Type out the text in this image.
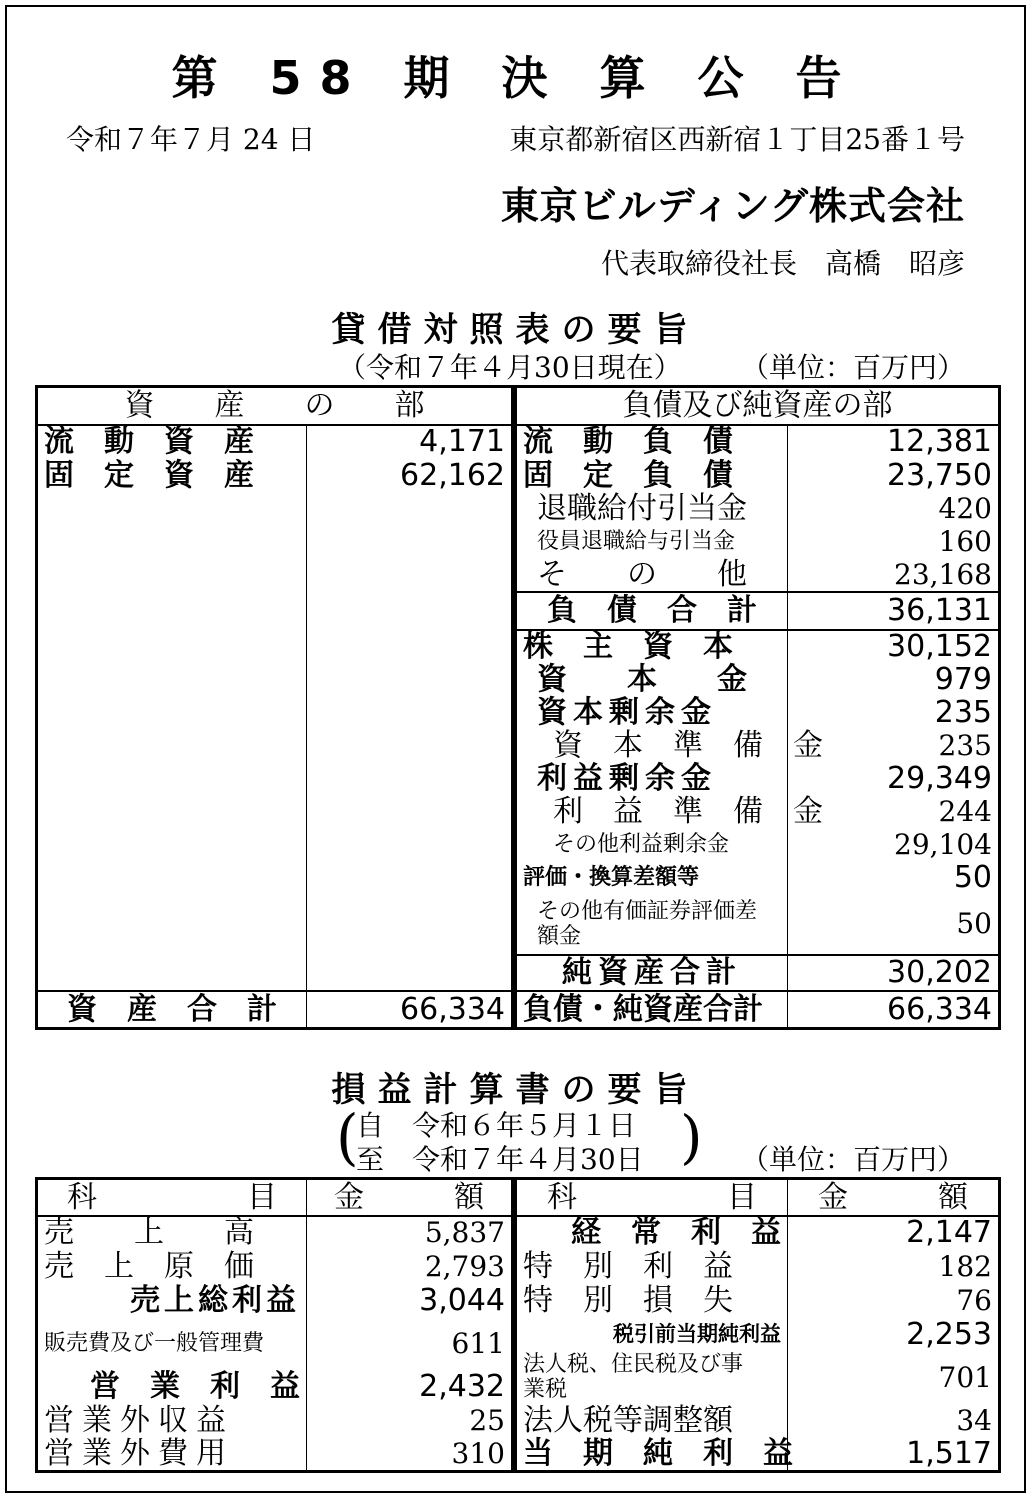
第 58 期 決 算 公 告
令和７年７月 24 日	東京都新宿区西新宿１丁目25番１号
東京ビルディング株式会社
代表取締役社長　高橋　昭彦
貸借対照表の要旨
（令和７年４月30日現在） （単位：百万円）
資　　産　　の　　部	
流　動　資　産	4,171
固　定　資　産	62,162

資　産　合　計	66,334
負債及び純資産の部	
流　動　負　債	12,381
固　定　負　債	23,750
退職給付引当金	420
役員退職給与引当金	160
そ　　の　　他	23,168
負　債　合　計	36,131
株　主　資　本	30,152
資　　本　　金	979
資本剰余金	235
資　本　準　備　金	235
利益剰余金	29,349
利　益　準　備　金	244
その他利益剰余金	29,104
評価・換算差額等	50
その他有価証券評価差額金	50
純資産合計	30,202
負債・純資産合計	66,334
損益計算書の要旨
(
自　令和６年５月１日
至　令和７年４月30日 ) （単位：百万円）
科　　　　　目	金　　　額
売　　上　　高	5,837
売　上　原　価	2,793
売上総利益	3,044
販売費及び一般管理費	611
営　業　利　益	2,432
営業外収益	25
営業外費用	310
科　　　　　目	金　　　額
経　常　利　益	2,147
特　別　利　益	182
特　別　損　失	76
税引前当期純利益	2,253
法人税、住民税及び事業税	701
法人税等調整額	34
当　期　純　利　益	1,517
